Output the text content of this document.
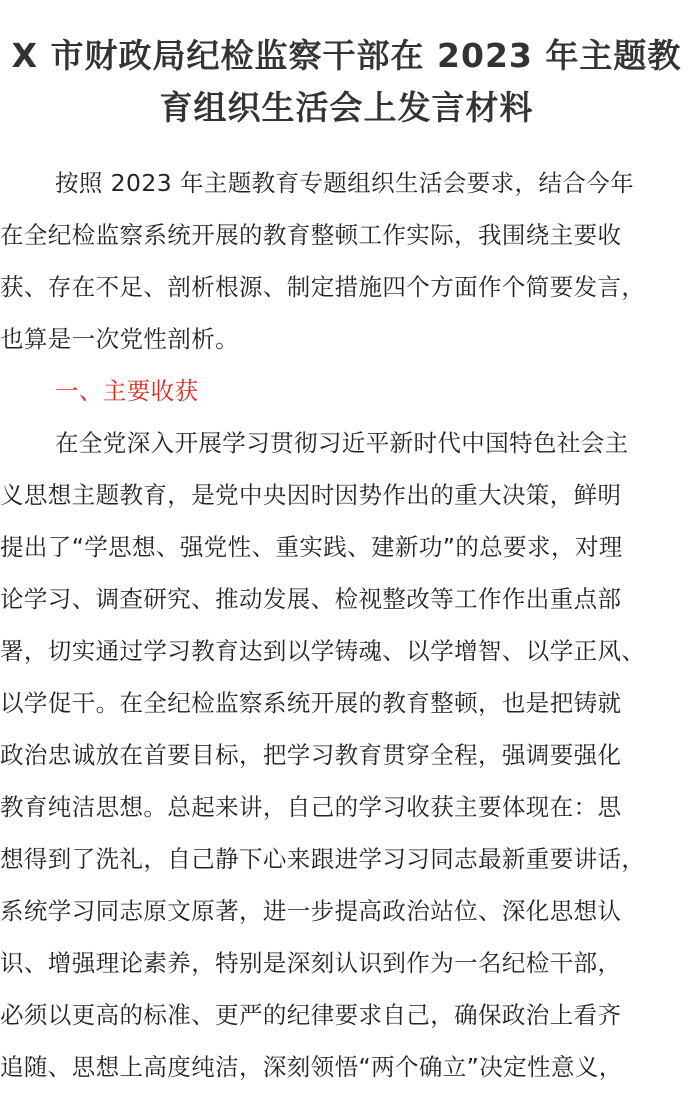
X 市财政局纪检监察干部在 2023 年主题教
育组织生活会上发言材料
按照 2023 年主题教育专题组织生活会要求，结合今年
在全纪检监察系统开展的教育整顿工作实际，我围绕主要收
获、存在不足、剖析根源、制定措施四个方面作个简要发言，
也算是一次党性剖析。
一、主要收获
在全党深入开展学习贯彻习近平新时代中国特色社会主
义思想主题教育，是党中央因时因势作出的重大决策，鲜明
提出了“学思想、强党性、重实践、建新功”的总要求，对理
论学习、调查研究、推动发展、检视整改等工作作出重点部
署，切实通过学习教育达到以学铸魂、以学增智、以学正风、
以学促干。在全纪检监察系统开展的教育整顿，也是把铸就
政治忠诚放在首要目标，把学习教育贯穿全程，强调要强化
教育纯洁思想。总起来讲，自己的学习收获主要体现在：思
想得到了洗礼，自己静下心来跟进学习习同志最新重要讲话，
系统学习同志原文原著，进一步提高政治站位、深化思想认
识、增强理论素养，特别是深刻认识到作为一名纪检干部，
必须以更高的标准、更严的纪律要求自己，确保政治上看齐
追随、思想上高度纯洁，深刻领悟“两个确立”决定性意义，
